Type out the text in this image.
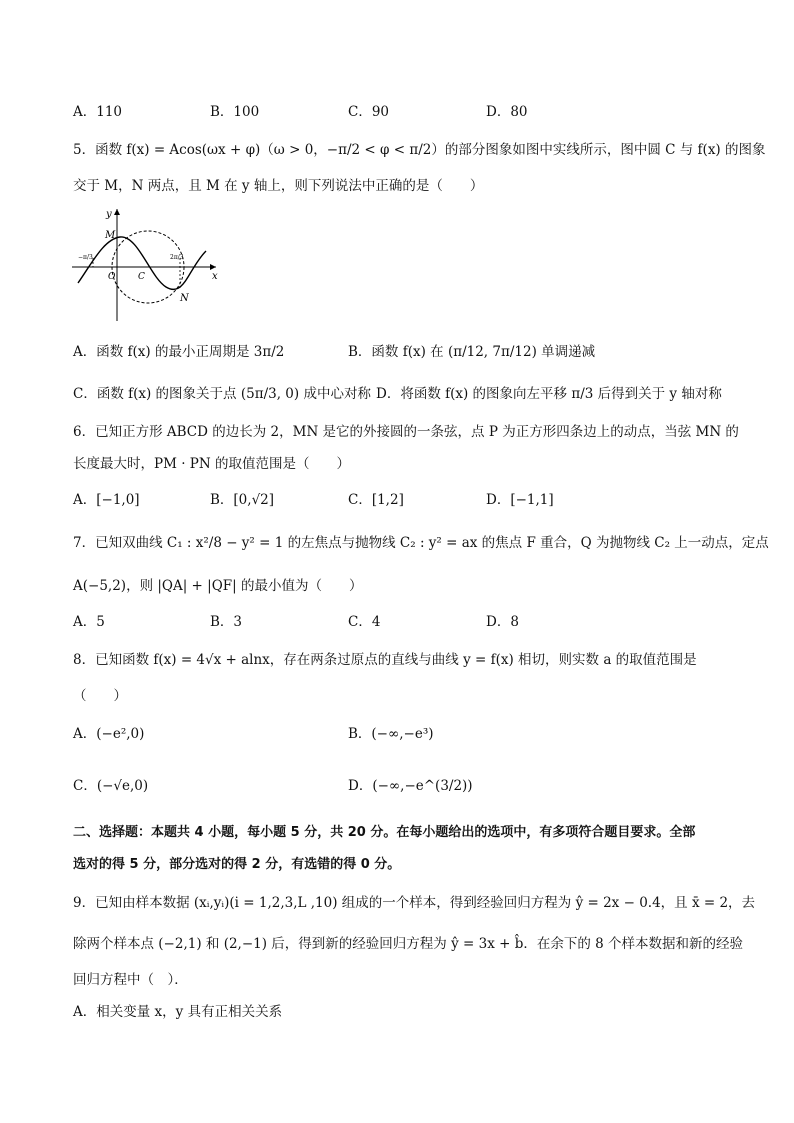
A．110	B．100	C．90	D．80
5．函数 f(x) = Acos(ωx + φ)（ω > 0，−π/2 < φ < π/2）的部分图象如图中实线所示，图中圆 C 与 f(x) 的图象
交于 M，N 两点，且 M 在 y 轴上，则下列说法中正确的是（　　）
y
x
M
O	C
N
−π/3	2π/3
A．函数 f(x) 的最小正周期是 3π/2	B．函数 f(x) 在 (π/12, 7π/12) 单调递减
C．函数 f(x) 的图象关于点 (5π/3, 0) 成中心对称 D．将函数 f(x) 的图象向左平移 π/3 后得到关于 y 轴对称
6．已知正方形 ABCD 的边长为 2，MN 是它的外接圆的一条弦，点 P 为正方形四条边上的动点，当弦 MN 的
长度最大时，PM · PN 的取值范围是（　　）
A．[−1,0]	B．[0,√2]	C．[1,2]	D．[−1,1]
7．已知双曲线 C₁ : x²/8 − y² = 1 的左焦点与抛物线 C₂ : y² = ax 的焦点 F 重合，Q 为抛物线 C₂ 上一动点，定点
A(−5,2)，则 |QA| + |QF| 的最小值为（　　）
A．5	B．3	C．4	D．8
8．已知函数 f(x) = 4√x + alnx，存在两条过原点的直线与曲线 y = f(x) 相切，则实数 a 的取值范围是
（　　）
A．(−e²,0)	B．(−∞,−e³)
C．(−√e,0)	D．(−∞,−e^(3/2))
二、选择题：本题共 4 小题，每小题 5 分，共 20 分。在每小题给出的选项中，有多项符合题目要求。全部
选对的得 5 分，部分选对的得 2 分，有选错的得 0 分。
9．已知由样本数据 (xᵢ,yᵢ)(i = 1,2,3,L ,10) 组成的一个样本，得到经验回归方程为 ŷ = 2x − 0.4，且 x̄ = 2，去
除两个样本点 (−2,1) 和 (2,−1) 后，得到新的经验回归方程为 ŷ = 3x + b̂．在余下的 8 个样本数据和新的经验
回归方程中（　）．
A．相关变量 x，y 具有正相关关系
